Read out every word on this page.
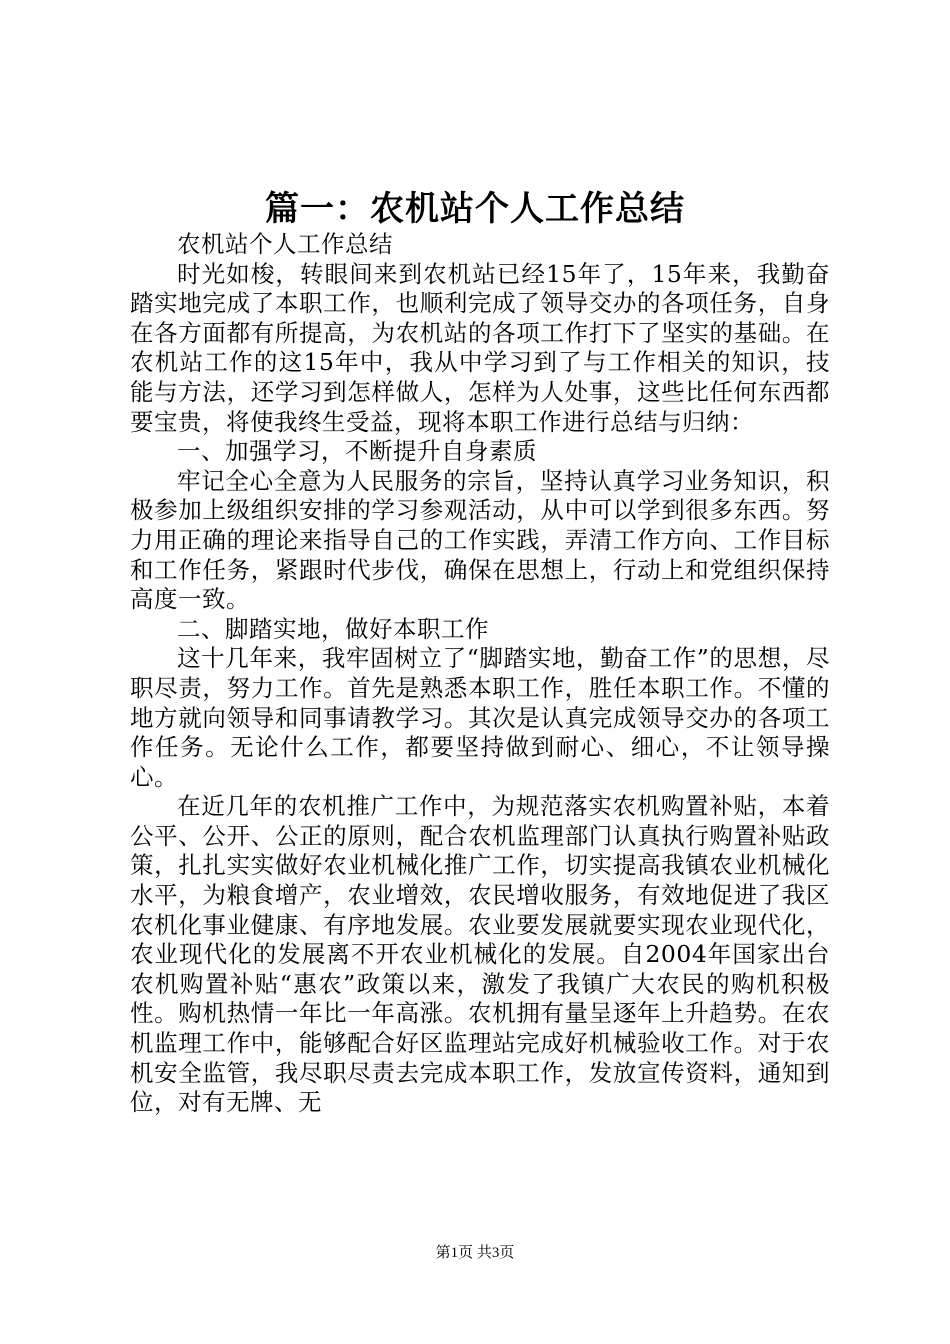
篇一：农机站个人工作总结

农机站个人工作总结

时光如梭，转眼间来到农机站已经15年了，15年来，我勤奋踏实地完成了本职工作，也顺利完成了领导交办的各项任务，自身在各方面都有所提高，为农机站的各项工作打下了坚实的基础。在农机站工作的这15年中，我从中学习到了与工作相关的知识，技能与方法，还学习到怎样做人，怎样为人处事，这些比任何东西都要宝贵，将使我终生受益，现将本职工作进行总结与归纳：

一、加强学习，不断提升自身素质

牢记全心全意为人民服务的宗旨，坚持认真学习业务知识，积极参加上级组织安排的学习参观活动，从中可以学到很多东西。努力用正确的理论来指导自己的工作实践，弄清工作方向、工作目标和工作任务，紧跟时代步伐，确保在思想上，行动上和党组织保持高度一致。

二、脚踏实地，做好本职工作

这十几年来，我牢固树立了“脚踏实地，勤奋工作”的思想，尽职尽责，努力工作。首先是熟悉本职工作，胜任本职工作。不懂的地方就向领导和同事请教学习。其次是认真完成领导交办的各项工作任务。无论什么工作，都要坚持做到耐心、细心，不让领导操心。

在近几年的农机推广工作中，为规范落实农机购置补贴，本着公平、公开、公正的原则，配合农机监理部门认真执行购置补贴政策，扎扎实实做好农业机械化推广工作，切实提高我镇农业机械化水平，为粮食增产，农业增效，农民增收服务，有效地促进了我区农机化事业健康、有序地发展。农业要发展就要实现农业现代化，农业现代化的发展离不开农业机械化的发展。自2004年国家出台农机购置补贴“惠农”政策以来，激发了我镇广大农民的购机积极性。购机热情一年比一年高涨。农机拥有量呈逐年上升趋势。在农机监理工作中，能够配合好区监理站完成好机械验收工作。对于农机安全监管，我尽职尽责去完成本职工作，发放宣传资料，通知到位，对有无牌、无

第1页 共3页
